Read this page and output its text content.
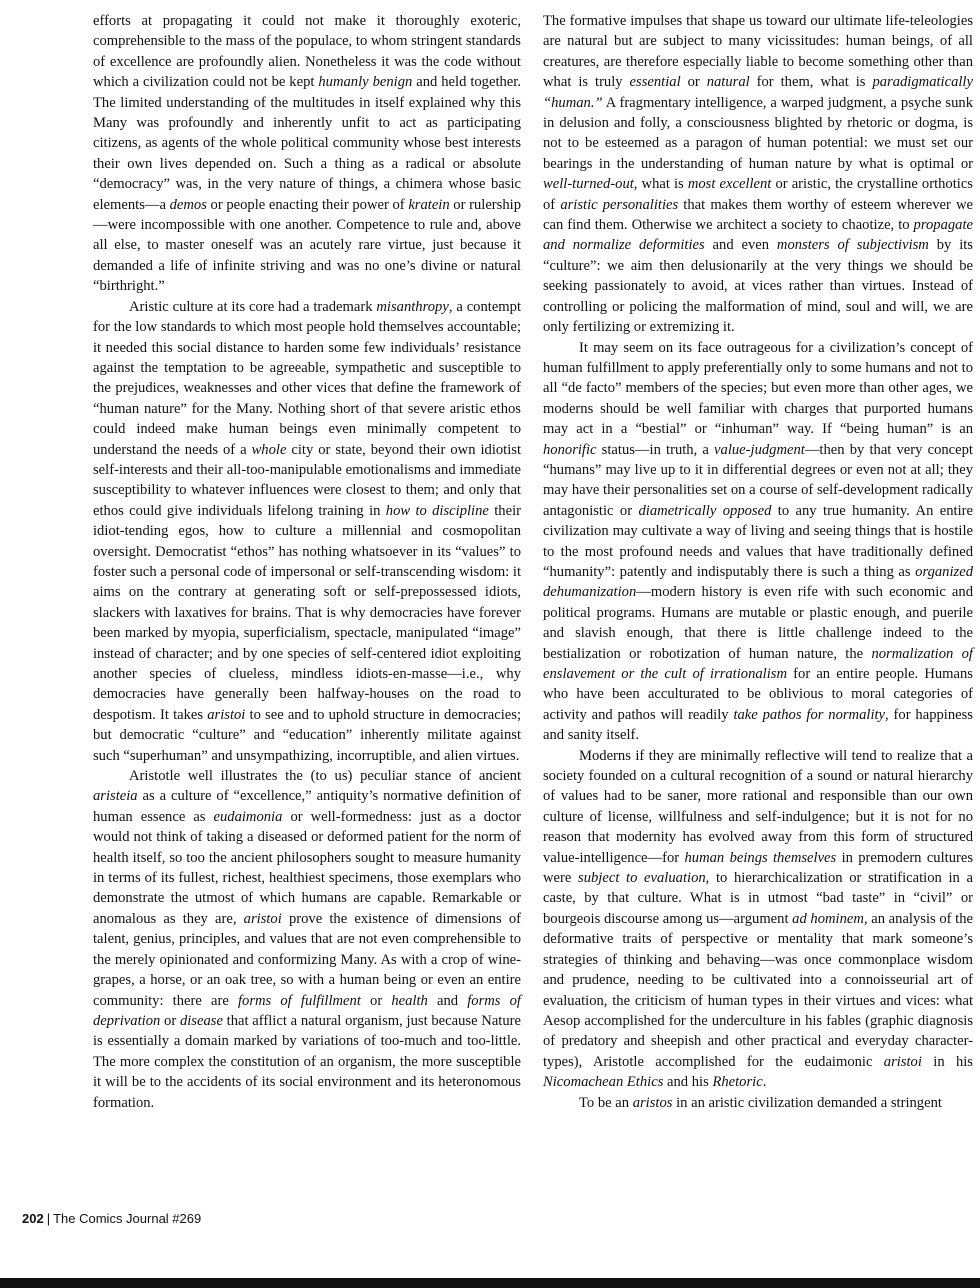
efforts at propagating it could not make it thoroughly exoteric, comprehensible to the mass of the populace, to whom stringent standards of excellence are profoundly alien. Nonetheless it was the code without which a civilization could not be kept humanly benign and held together. The limited understanding of the multitudes in itself explained why this Many was profoundly and inherently unfit to act as participating citizens, as agents of the whole political community whose best interests their own lives depended on. Such a thing as a radical or absolute “democracy” was, in the very nature of things, a chimera whose basic elements—a demos or people enacting their power of kratein or rulership—were incompossible with one another. Competence to rule and, above all else, to master oneself was an acutely rare virtue, just because it demanded a life of infinite striving and was no one’s divine or natural “birthright.”

Aristic culture at its core had a trademark misanthropy, a contempt for the low standards to which most people hold themselves accountable; it needed this social distance to harden some few individuals’ resistance against the temptation to be agreeable, sympathetic and susceptible to the prejudices, weaknesses and other vices that define the framework of “human nature” for the Many. Nothing short of that severe aristic ethos could indeed make human beings even minimally competent to understand the needs of a whole city or state, beyond their own idiotist self-interests and their all-too-manipulable emotionalisms and immediate susceptibility to whatever influences were closest to them; and only that ethos could give individuals lifelong training in how to discipline their idiot-tending egos, how to culture a millennial and cosmopolitan oversight. Democratist “ethos” has nothing whatsoever in its “values” to foster such a personal code of impersonal or self-transcending wisdom: it aims on the contrary at generating soft or self-prepossessed idiots, slackers with laxatives for brains. That is why democracies have forever been marked by myopia, superficialism, spectacle, manipulated “image” instead of character; and by one species of self-centered idiot exploiting another species of clueless, mindless idiots-en-masse—i.e., why democracies have generally been halfway-houses on the road to despotism. It takes aristoi to see and to uphold structure in democracies; but democratic “culture” and “education” inherently militate against such “superhuman” and unsympathizing, incorruptible, and alien virtues.

Aristotle well illustrates the (to us) peculiar stance of ancient aristeia as a culture of “excellence,” antiquity’s normative definition of human essence as eudaimonia or well-formedness: just as a doctor would not think of taking a diseased or deformed patient for the norm of health itself, so too the ancient philosophers sought to measure humanity in terms of its fullest, richest, healthiest specimens, those exemplars who demonstrate the utmost of which humans are capable. Remarkable or anomalous as they are, aristoi prove the existence of dimensions of talent, genius, principles, and values that are not even comprehensible to the merely opinionated and conformizing Many. As with a crop of wine-grapes, a horse, or an oak tree, so with a human being or even an entire community: there are forms of fulfillment or health and forms of deprivation or disease that afflict a natural organism, just because Nature is essentially a domain marked by variations of too-much and too-little. The more complex the constitution of an organism, the more susceptible it will be to the accidents of its social environment and its heteronomous formation.

The formative impulses that shape us toward our ultimate life-teleologies are natural but are subject to many vicissitudes: human beings, of all creatures, are therefore especially liable to become something other than what is truly essential or natural for them, what is paradigmatically “human.” A fragmentary intelligence, a warped judgment, a psyche sunk in delusion and folly, a consciousness blighted by rhetoric or dogma, is not to be esteemed as a paragon of human potential: we must set our bearings in the understanding of human nature by what is optimal or well-turned-out, what is most excellent or aristic, the crystalline orthotics of aristic personalities that makes them worthy of esteem wherever we can find them. Otherwise we architect a society to chaotize, to propagate and normalize deformities and even monsters of subjectivism by its “culture”: we aim then delusionarily at the very things we should be seeking passionately to avoid, at vices rather than virtues. Instead of controlling or policing the malformation of mind, soul and will, we are only fertilizing or extremizing it.

It may seem on its face outrageous for a civilization’s concept of human fulfillment to apply preferentially only to some humans and not to all “de facto” members of the species; but even more than other ages, we moderns should be well familiar with charges that purported humans may act in a “bestial” or “inhuman” way. If “being human” is an honorific status—in truth, a value-judgment—then by that very concept “humans” may live up to it in differential degrees or even not at all; they may have their personalities set on a course of self-development radically antagonistic or diametrically opposed to any true humanity. An entire civilization may cultivate a way of living and seeing things that is hostile to the most profound needs and values that have traditionally defined “humanity”: patently and indisputably there is such a thing as organized dehumanization—modern history is even rife with such economic and political programs. Humans are mutable or plastic enough, and puerile and slavish enough, that there is little challenge indeed to the bestialization or robotization of human nature, the normalization of enslavement or the cult of irrationalism for an entire people. Humans who have been acculturated to be oblivious to moral categories of activity and pathos will readily take pathos for normality, for happiness and sanity itself.

Moderns if they are minimally reflective will tend to realize that a society founded on a cultural recognition of a sound or natural hierarchy of values had to be saner, more rational and responsible than our own culture of license, willfulness and self-indulgence; but it is not for no reason that modernity has evolved away from this form of structured value-intelligence—for human beings themselves in premodern cultures were subject to evaluation, to hierarchicalization or stratification in a caste, by that culture. What is in utmost “bad taste” in “civil” or bourgeois discourse among us—argument ad hominem, an analysis of the deformative traits of perspective or mentality that mark someone’s strategies of thinking and behaving—was once commonplace wisdom and prudence, needing to be cultivated into a connoisseurial art of evaluation, the criticism of human types in their virtues and vices: what Aesop accomplished for the underculture in his fables (graphic diagnosis of predatory and sheepish and other practical and everyday character-types), Aristotle accomplished for the eudaimonic aristoi in his Nicomachean Ethics and his Rhetoric.

To be an aristos in an aristic civilization demanded a stringent

202 | The Comics Journal #269
